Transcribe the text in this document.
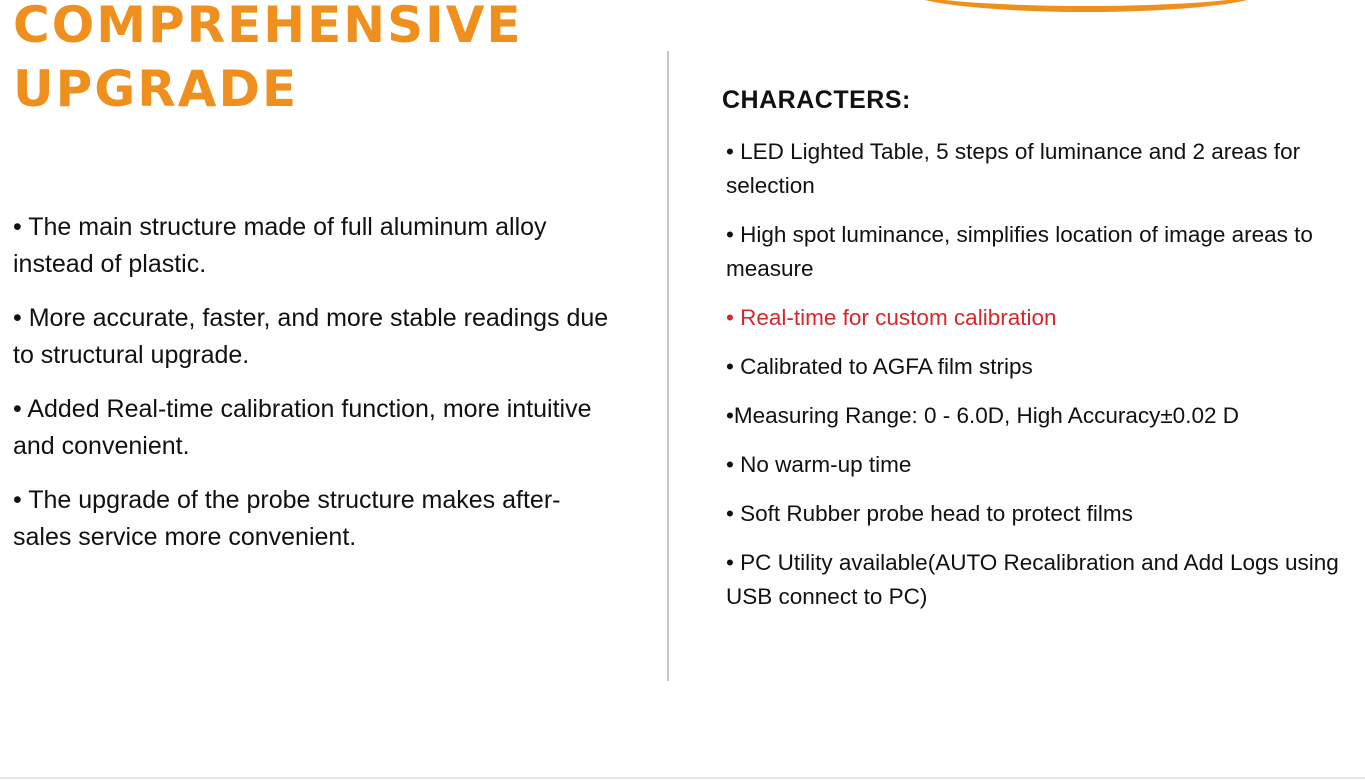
COMPREHENSIVE
UPGRADE
• The main structure made of full aluminum alloy instead of plastic.
• More accurate, faster, and more stable readings due to structural upgrade.
• Added Real-time calibration function, more intuitive and convenient.
• The upgrade of the probe structure makes after-sales service more convenient.
CHARACTERS:
• LED Lighted Table, 5 steps of luminance and 2 areas for selection
• High spot luminance, simplifies location of image areas to measure
• Real-time for custom calibration
• Calibrated to AGFA film strips
•Measuring Range: 0 - 6.0D, High Accuracy±0.02 D
• No warm-up time
• Soft Rubber probe head to protect films
• PC Utility available(AUTO Recalibration and Add Logs using USB connect to PC)
